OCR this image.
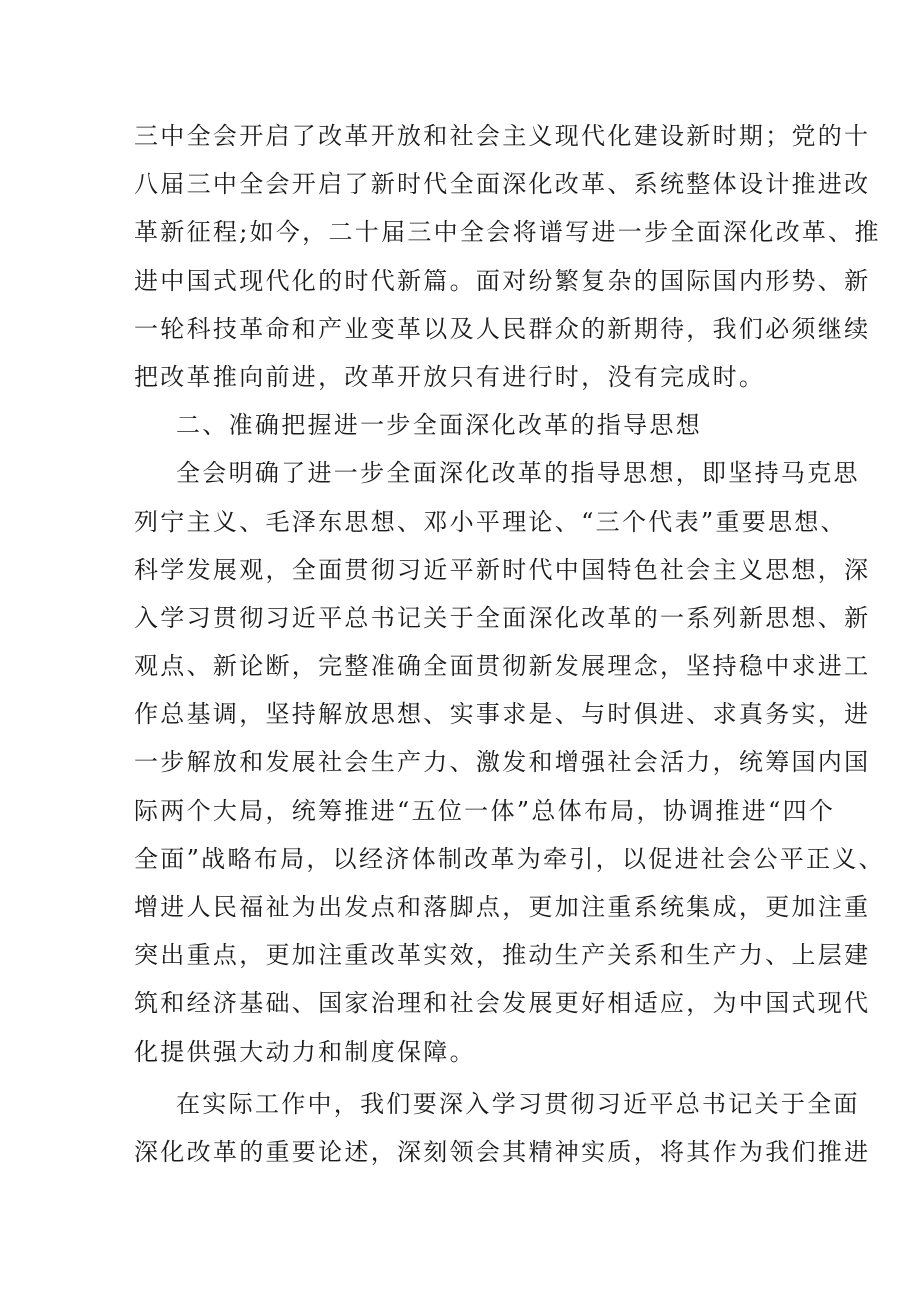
三中全会开启了改革开放和社会主义现代化建设新时期；党的十
八届三中全会开启了新时代全面深化改革、系统整体设计推进改
革新征程;如今，二十届三中全会将谱写进一步全面深化改革、推
进中国式现代化的时代新篇。面对纷繁复杂的国际国内形势、新
一轮科技革命和产业变革以及人民群众的新期待，我们必须继续
把改革推向前进，改革开放只有进行时，没有完成时。
二、准确把握进一步全面深化改革的指导思想
全会明确了进一步全面深化改革的指导思想，即坚持马克思
列宁主义、毛泽东思想、邓小平理论、“三个代表”重要思想、
科学发展观，全面贯彻习近平新时代中国特色社会主义思想，深
入学习贯彻习近平总书记关于全面深化改革的一系列新思想、新
观点、新论断，完整准确全面贯彻新发展理念，坚持稳中求进工
作总基调，坚持解放思想、实事求是、与时俱进、求真务实，进
一步解放和发展社会生产力、激发和增强社会活力，统筹国内国
际两个大局，统筹推进“五位一体”总体布局，协调推进“四个
全面”战略布局，以经济体制改革为牵引，以促进社会公平正义、
增进人民福祉为出发点和落脚点，更加注重系统集成，更加注重
突出重点，更加注重改革实效，推动生产关系和生产力、上层建
筑和经济基础、国家治理和社会发展更好相适应，为中国式现代
化提供强大动力和制度保障。
在实际工作中，我们要深入学习贯彻习近平总书记关于全面
深化改革的重要论述，深刻领会其精神实质，将其作为我们推进
